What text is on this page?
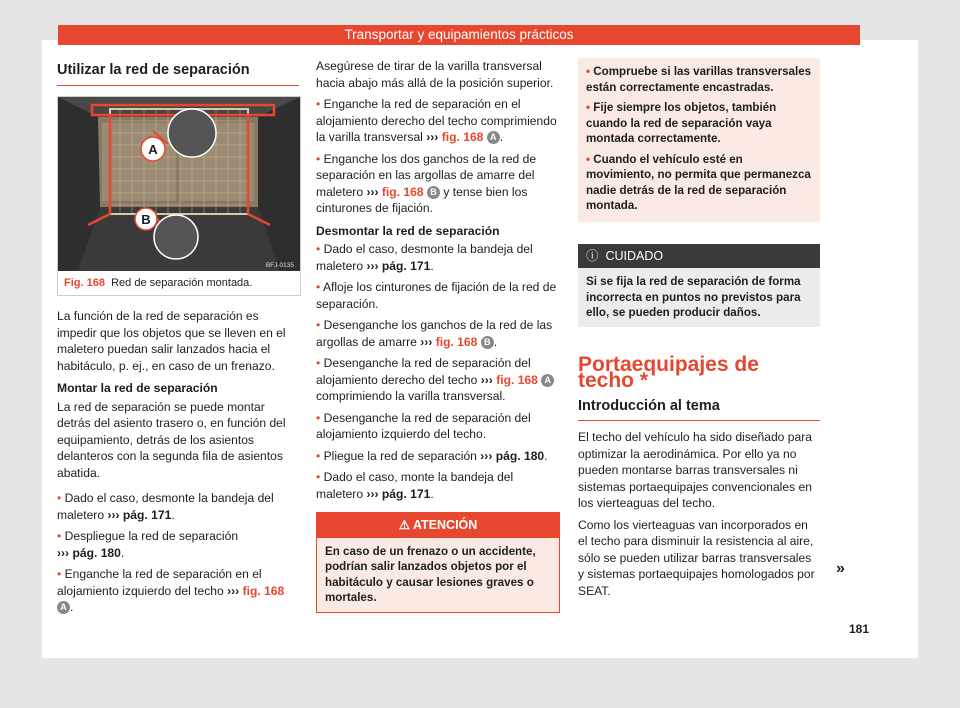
Transportar y equipamientos prácticos
Utilizar la red de separación
A
B
BFJ-0135
Fig. 168 Red de separación montada.

La función de la red de separación es impedir que los objetos que se lleven en el maletero puedan salir lanzados hacia el habitáculo, p. ej., en caso de un frenazo.

Montar la red de separación

La red de separación se puede montar detrás del asiento trasero o, en función del equipamiento, detrás de los asientos delanteros con la segunda fila de asientos abatida.

• Dado el caso, desmonte la bandeja del maletero ››› pág. 171.
• Despliegue la red de separación
››› pág. 180.
• Enganche la red de separación en el alojamiento izquierdo del techo ››› fig. 168 A .

Asegúrese de tirar de la varilla transversal hacia abajo más allá de la posición superior.

• Enganche la red de separación en el alojamiento derecho del techo comprimiendo la varilla transversal ››› fig. 168 A .
• Enganche los dos ganchos de la red de separación en las argollas de amarre del maletero ››› fig. 168 B y tense bien los cinturones de fijación.
Desmontar la red de separación
• Dado el caso, desmonte la bandeja del maletero ››› pág. 171.
• Afloje los cinturones de fijación de la red de separación.
• Desenganche los ganchos de la red de las argollas de amarre ››› fig. 168 B .
• Desenganche la red de separación del alojamiento derecho del techo ››› fig. 168 A comprimiendo la varilla transversal.
• Desenganche la red de separación del alojamiento izquierdo del techo.
• Pliegue la red de separación ››› pág. 180.
• Dado el caso, monte la bandeja del maletero ››› pág. 171.
⚠ ATENCIÓN
En caso de un frenazo o un accidente, podrían salir lanzados objetos por el habitáculo y causar lesiones graves o mortales.
• Compruebe si las varillas transversales están correctamente encastradas.
• Fije siempre los objetos, también cuando la red de separación vaya montada correctamente.
• Cuando el vehículo esté en movimiento, no permita que permanezca nadie detrás de la red de separación montada.
ⓘ CUIDADO
Si se fija la red de separación de forma incorrecta en puntos no previstos para ello, se pueden producir daños.
Portaequipajes de techo *
Introducción al tema

El techo del vehículo ha sido diseñado para optimizar la aerodinámica. Por ello ya no pueden montarse barras transversales ni sistemas portaequipajes convencionales en los vierteaguas del techo.

Como los vierteaguas van incorporados en el techo para disminuir la resistencia al aire, sólo se pueden utilizar barras transversales y sistemas portaequipajes homologados por SEAT.

»
181
